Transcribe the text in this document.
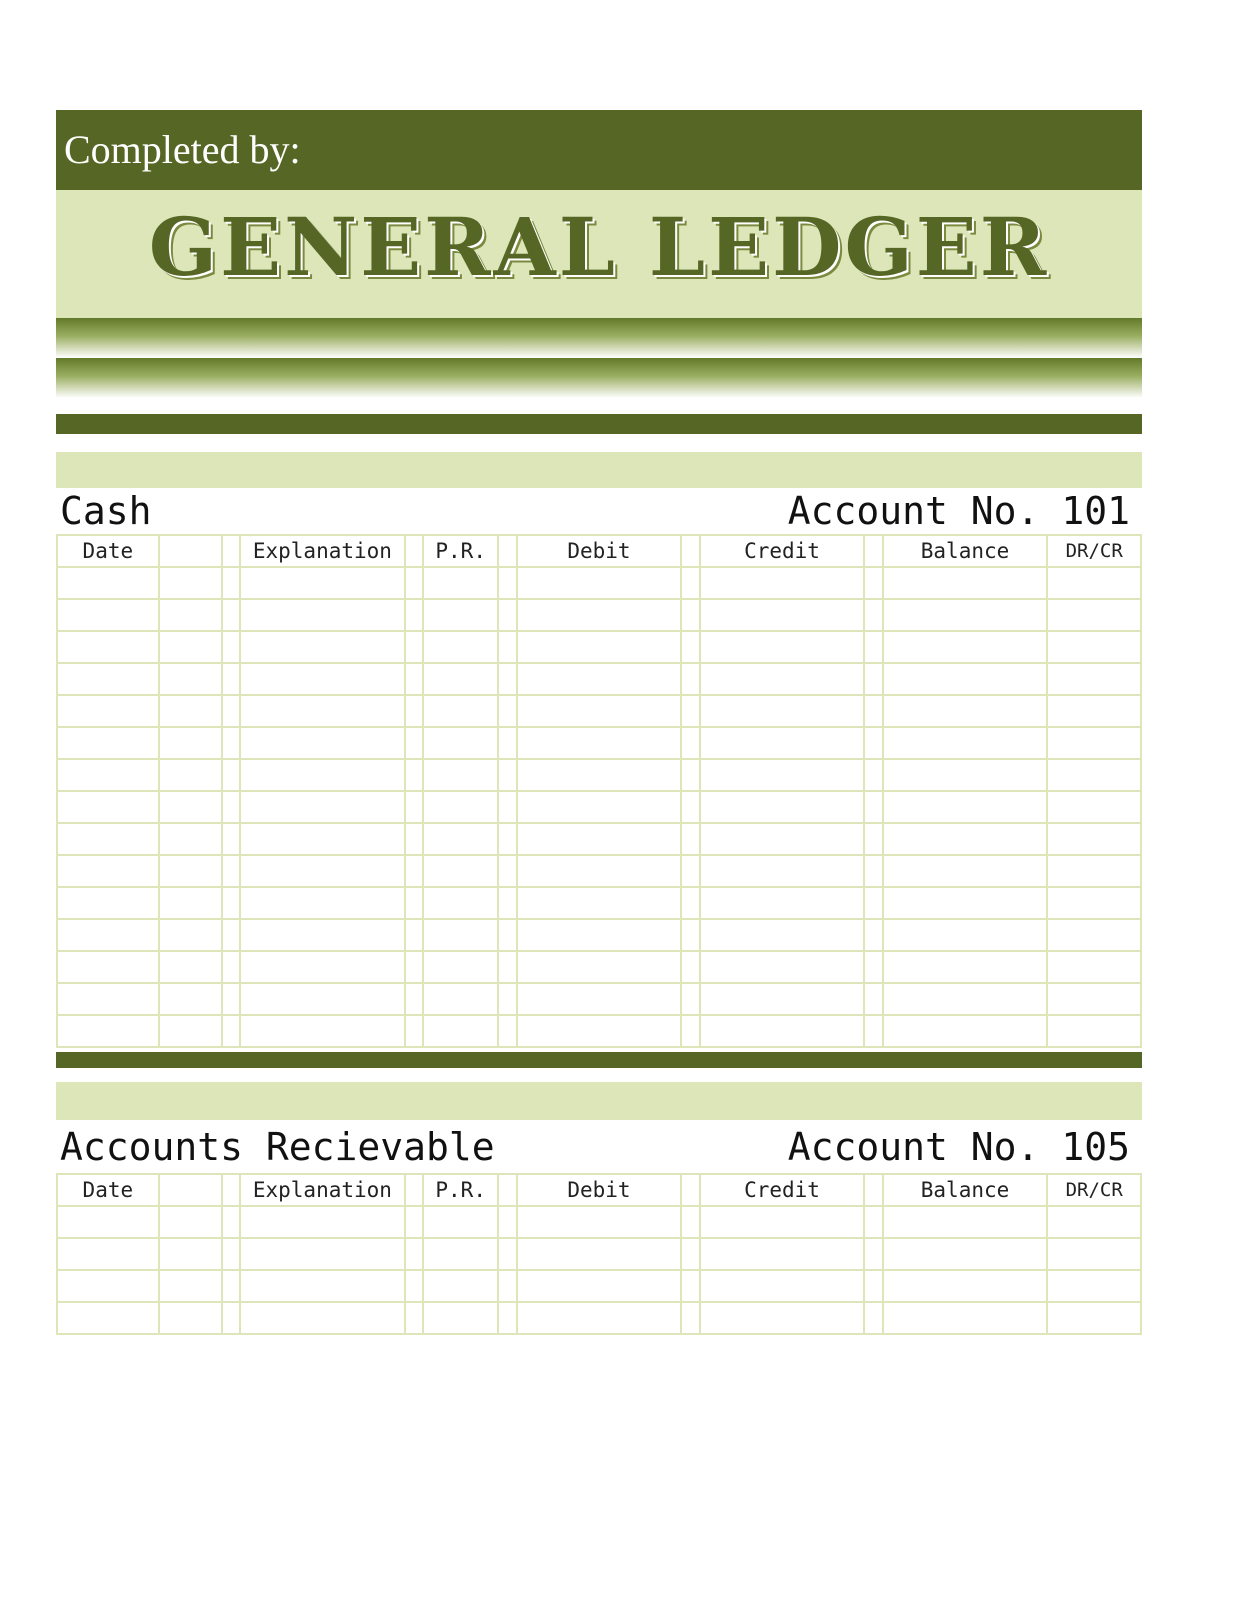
Completed by:
GENERAL LEDGER
Cash	Account No. 101
Date			Explanation		P.R.		Debit		Credit		Balance	DR/CR

Accounts Recievable	Account No. 105
Date			Explanation		P.R.		Debit		Credit		Balance	DR/CR
